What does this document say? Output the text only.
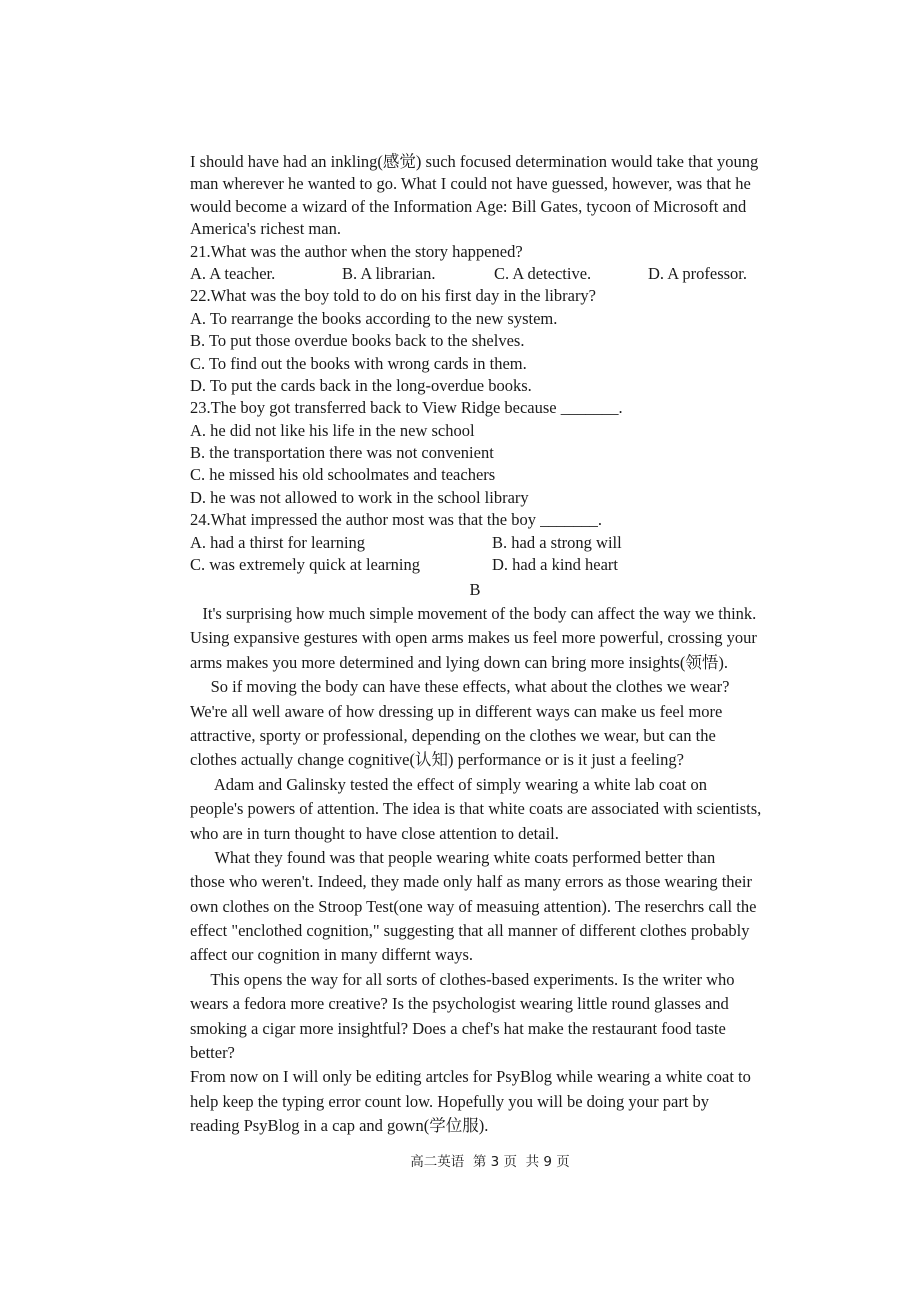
I should have had an inkling(感觉) such focused determination would take that young
man wherever he wanted to go. What I could not have guessed, however, was that he
would become a wizard of the Information Age: Bill Gates, tycoon of Microsoft and
America's richest man.
21.What was the author when the story happened?
A. A teacher.	B. A librarian.	C. A detective.	D. A professor.
22.What was the boy told to do on his first day in the library?
A. To rearrange the books according to the new system.
B. To put those overdue books back to the shelves.
C. To find out the books with wrong cards in them.
D. To put the cards back in the long-overdue books.
23.The boy got transferred back to View Ridge because _______.
A. he did not like his life in the new school
B. the transportation there was not convenient
C. he missed his old schoolmates and teachers
D. he was not allowed to work in the school library
24.What impressed the author most was that the boy _______.
A. had a thirst for learning	B. had a strong will
C. was extremely quick at learning	D. had a kind heart
B
It's surprising how much simple movement of the body can affect the way we think.
Using expansive gestures with open arms makes us feel more powerful, crossing your
arms makes you more determined and lying down can bring more insights(领悟).
So if moving the body can have these effects, what about the clothes we wear?
We're all well aware of how dressing up in different ways can make us feel more
attractive, sporty or professional, depending on the clothes we wear, but can the
clothes actually change cognitive(认知) performance or is it just a feeling?
Adam and Galinsky tested the effect of simply wearing a white lab coat on
people's powers of attention. The idea is that white coats are associated with scientists,
who are in turn thought to have close attention to detail.
What they found was that people wearing white coats performed better than
those who weren't. Indeed, they made only half as many errors as those wearing their
own clothes on the Stroop Test(one way of measuing attention). The reserchrs call the
effect "enclothed cognition," suggesting that all manner of different clothes probably
affect our cognition in many differnt ways.
This opens the way for all sorts of clothes-based experiments. Is the writer who
wears a fedora more creative? Is the psychologist wearing little round glasses and
smoking a cigar more insightful? Does a chef's hat make the restaurant food taste
better?
From now on I will only be editing artcles for PsyBlog while wearing a white coat to
help keep the typing error count low. Hopefully you will be doing your part by
reading PsyBlog in a cap and gown(学位服).
高二英语  第 3 页  共 9 页
